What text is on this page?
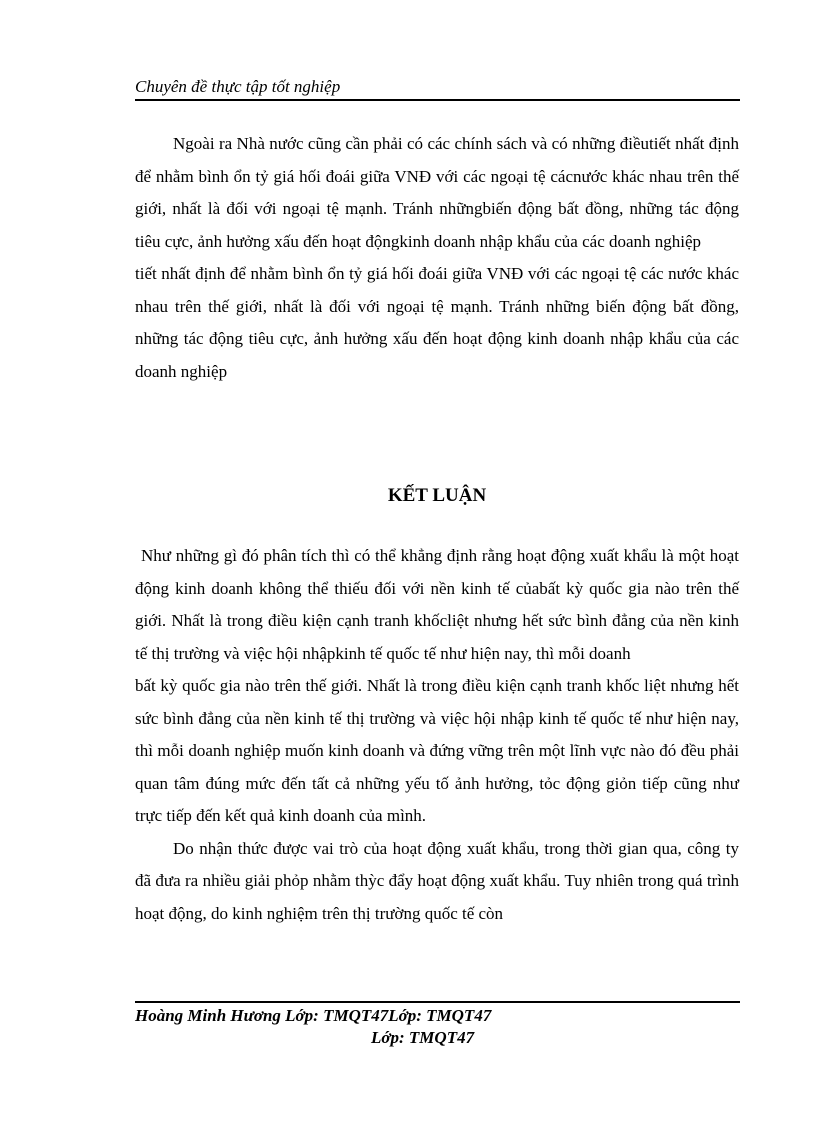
Chuyên đề thực tập tốt nghiệp

Ngoài ra Nhà nước cũng cần phải có các chính sách và có những điềutiết nhất định để nhằm bình ổn tỷ giá hối đoái giữa VNĐ với các ngoại tệ cácnước khác nhau trên thế giới, nhất là đối với ngoại tệ mạnh. Tránh nhữngbiến động bất đồng, những tác động tiêu cực, ảnh hưởng xấu đến hoạt độngkinh doanh nhập khẩu của các doanh nghiệp

tiết nhất định để nhằm bình ổn tỷ giá hối đoái giữa VNĐ với các ngoại tệ các nước khác nhau trên thế giới, nhất là đối với ngoại tệ mạnh. Tránh những biến động bất đồng, những tác động tiêu cực, ảnh hưởng xấu đến hoạt động kinh doanh nhập khẩu của các doanh nghiệp

KẾT LUẬN

Như những gì đó phân tích thì có thể khẳng định rằng hoạt động xuất khẩu là một hoạt động kinh doanh không thể thiếu đối với nền kinh tế củabất kỳ quốc gia nào trên thế giới. Nhất là trong điều kiện cạnh tranh khốcliệt nhưng hết sức bình đẳng của nền kinh tế thị trường và việc hội nhậpkinh tế quốc tế như hiện nay, thì mỗi doanh

bất kỳ quốc gia nào trên thế giới. Nhất là trong điều kiện cạnh tranh khốc liệt nhưng hết sức bình đẳng của nền kinh tế thị trường và việc hội nhập kinh tế quốc tế như hiện nay, thì mỗi doanh nghiệp muốn kinh doanh và đứng vững trên một lĩnh vực nào đó đều phải quan tâm đúng mức đến tất cả những yếu tố ảnh hưởng, tỏc động giỏn tiếp cũng như trực tiếp đến kết quả kinh doanh của mình.

Do nhận thức được vai trò của hoạt động xuất khẩu, trong thời gian qua, công ty đã đưa ra nhiều giải phỏp nhằm thỳc đẩy hoạt động xuất khẩu. Tuy nhiên trong quá trình hoạt động, do kinh nghiệm trên thị trường quốc tế còn

Hoàng Minh Hương Lớp: TMQT47Lớp: TMQT47
Lớp: TMQT47
